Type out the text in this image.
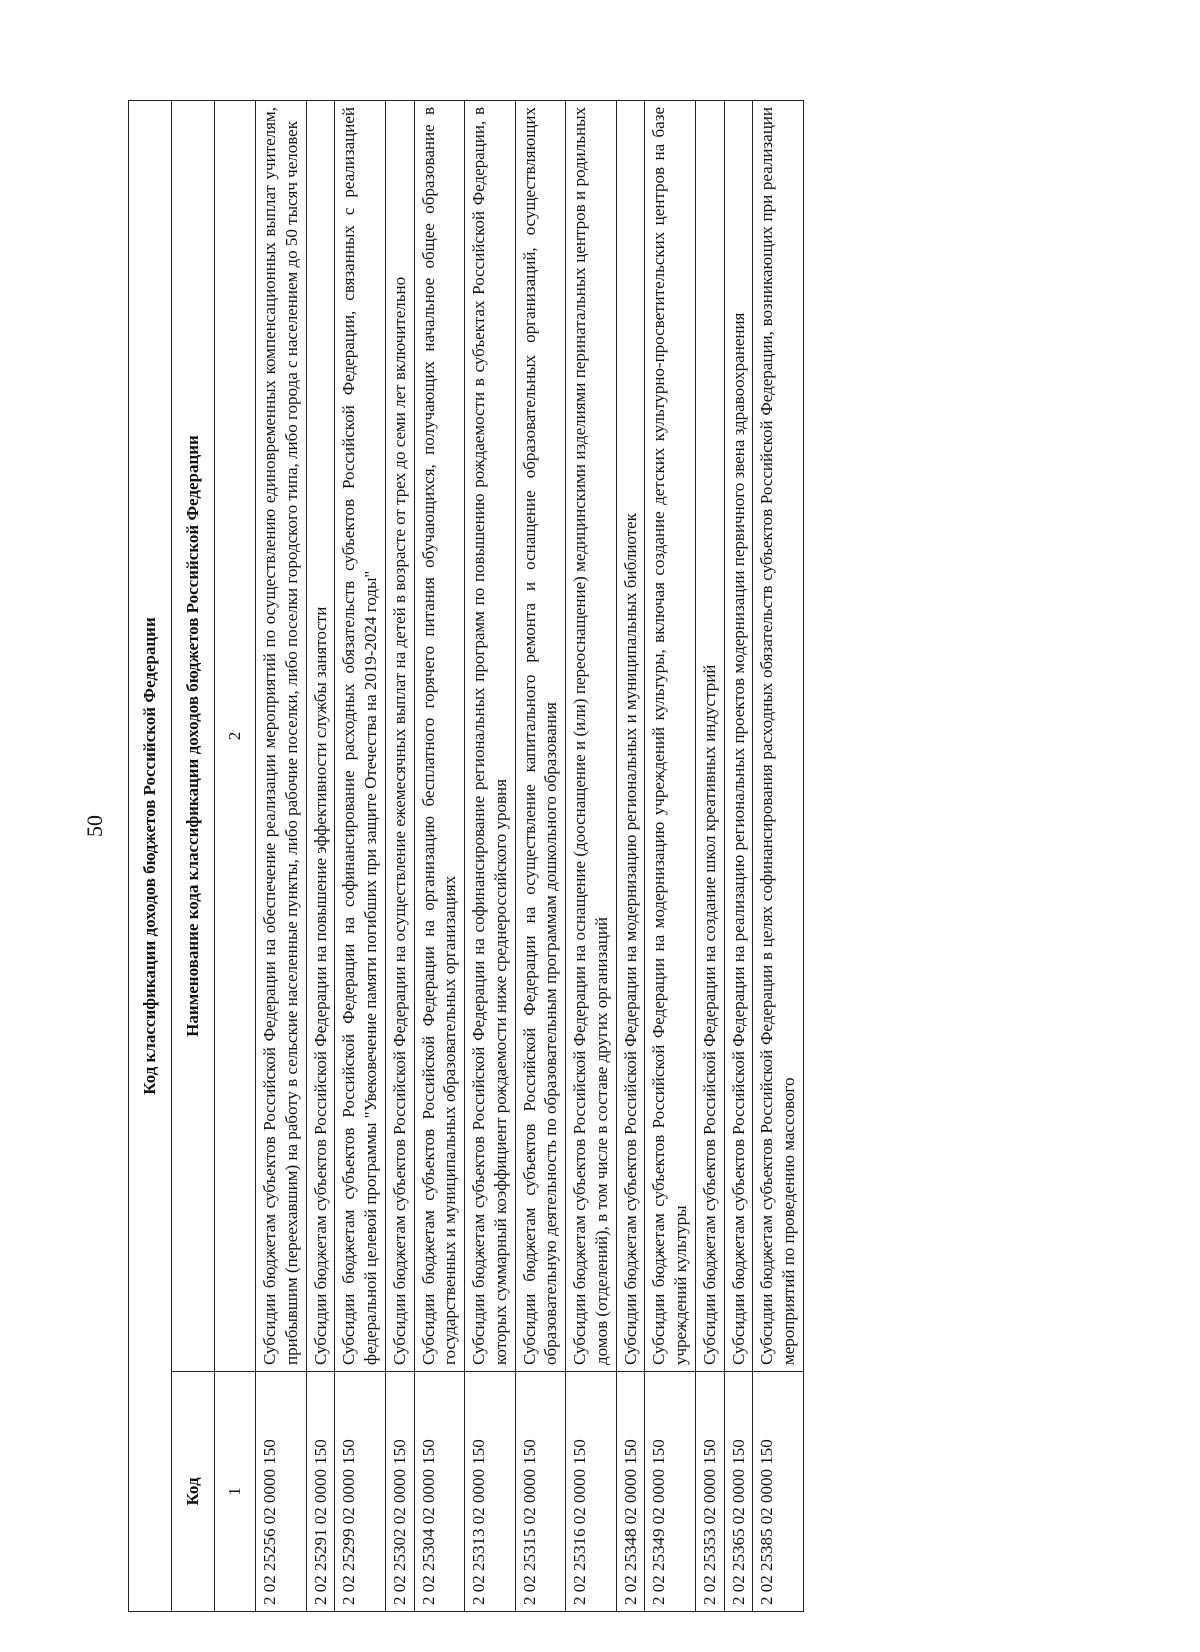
50 Код классификации доходов бюджетов Российской Федерации	
Код	Наименование кода классификации доходов бюджетов Российской Федерации
1	2
2 02 25256 02 0000 150	Субсидии бюджетам субъектов Российской Федерации на обеспечение реализации мероприятий по осуществлению единовременных компенсационных выплат учителям, прибывшим (переехавшим) на работу в сельские населенные пункты, либо рабочие поселки, либо поселки городского типа, либо города с населением до 50 тысяч человек
2 02 25291 02 0000 150	Субсидии бюджетам субъектов Российской Федерации на повышение эффективности службы занятости
2 02 25299 02 0000 150	Субсидии бюджетам субъектов Российской Федерации на софинансирование расходных обязательств субъектов Российской Федерации, связанных с реализацией федеральной целевой программы "Увековечение памяти погибших при защите Отечества на 2019-2024 годы"
2 02 25302 02 0000 150	Субсидии бюджетам субъектов Российской Федерации на осуществление ежемесячных выплат на детей в возрасте от трех до семи лет включительно
2 02 25304 02 0000 150	Субсидии бюджетам субъектов Российской Федерации на организацию бесплатного горячего питания обучающихся, получающих начальное общее образование в государственных и муниципальных образовательных организациях
2 02 25313 02 0000 150	Субсидии бюджетам субъектов Российской Федерации на софинансирование региональных программ по повышению рождаемости в субъектах Российской Федерации, в которых суммарный коэффициент рождаемости ниже среднероссийского уровня
2 02 25315 02 0000 150	Субсидии бюджетам субъектов Российской Федерации на осуществление капитального ремонта и оснащение образовательных организаций, осуществляющих образовательную деятельность по образовательным программам дошкольного образования
2 02 25316 02 0000 150	Субсидии бюджетам субъектов Российской Федерации на оснащение (дооснащение и (или) переоснащение) медицинскими изделиями перинатальных центров и родильных домов (отделений), в том числе в составе других организаций
2 02 25348 02 0000 150	Субсидии бюджетам субъектов Российской Федерации на модернизацию региональных и муниципальных библиотек
2 02 25349 02 0000 150	Субсидии бюджетам субъектов Российской Федерации на модернизацию учреждений культуры, включая создание детских культурно-просветительских центров на базе учреждений культуры
2 02 25353 02 0000 150	Субсидии бюджетам субъектов Российской Федерации на создание школ креативных индустрий
2 02 25365 02 0000 150	Субсидии бюджетам субъектов Российской Федерации на реализацию региональных проектов модернизации первичного звена здравоохранения
2 02 25385 02 0000 150	Субсидии бюджетам субъектов Российской Федерации в целях софинансирования расходных обязательств субъектов Российской Федерации, возникающих при реализации мероприятий по проведению массового
